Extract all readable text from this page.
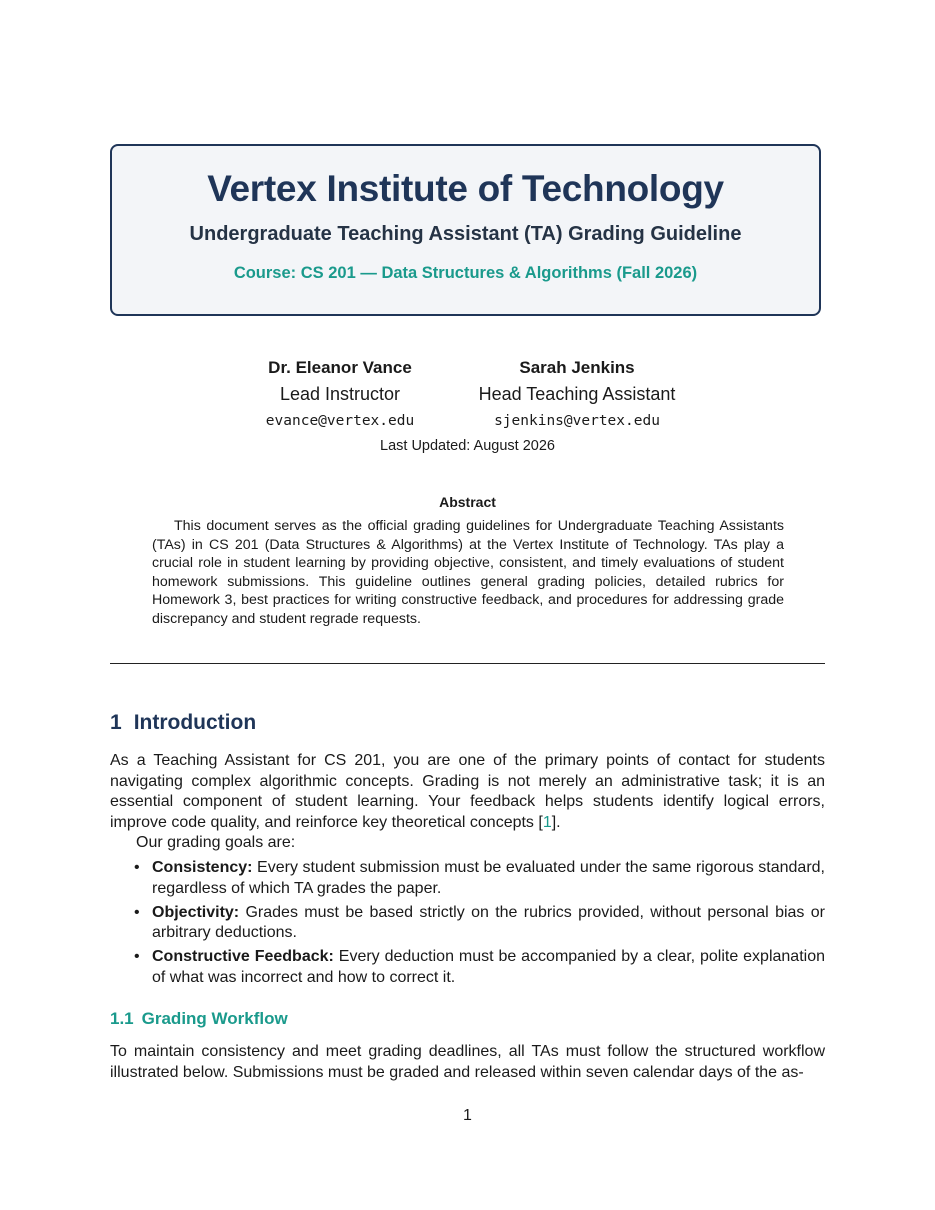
Vertex Institute of Technology
Undergraduate Teaching Assistant (TA) Grading Guideline
Course: CS 201 — Data Structures & Algorithms (Fall 2026)
Dr. Eleanor Vance
Lead Instructor
evance@vertex.edu
Sarah Jenkins
Head Teaching Assistant
sjenkins@vertex.edu
Last Updated: August 2026
Abstract

This document serves as the official grading guidelines for Undergraduate Teaching Assistants (TAs) in CS 201 (Data Structures & Algorithms) at the Vertex Institute of Technology. TAs play a crucial role in student learning by providing objective, consistent, and timely evaluations of student homework submissions. This guideline outlines general grading policies, detailed rubrics for Homework 3, best practices for writing constructive feedback, and procedures for addressing grade discrepancy and student regrade requests.

1 Introduction

As a Teaching Assistant for CS 201, you are one of the primary points of contact for students navigating complex algorithmic concepts. Grading is not merely an administrative task; it is an essential component of student learning. Your feedback helps students identify logical errors, improve code quality, and reinforce key theoretical concepts [1].

Our grading goals are:

• Consistency: Every student submission must be evaluated under the same rigorous standard, regardless of which TA grades the paper.
• Objectivity: Grades must be based strictly on the rubrics provided, without personal bias or arbitrary deductions.
• Constructive Feedback: Every deduction must be accompanied by a clear, polite explanation of what was incorrect and how to correct it.
1.1 Grading Workflow

To maintain consistency and meet grading deadlines, all TAs must follow the structured workflow illustrated below. Submissions must be graded and released within seven calendar days of the as-

1
